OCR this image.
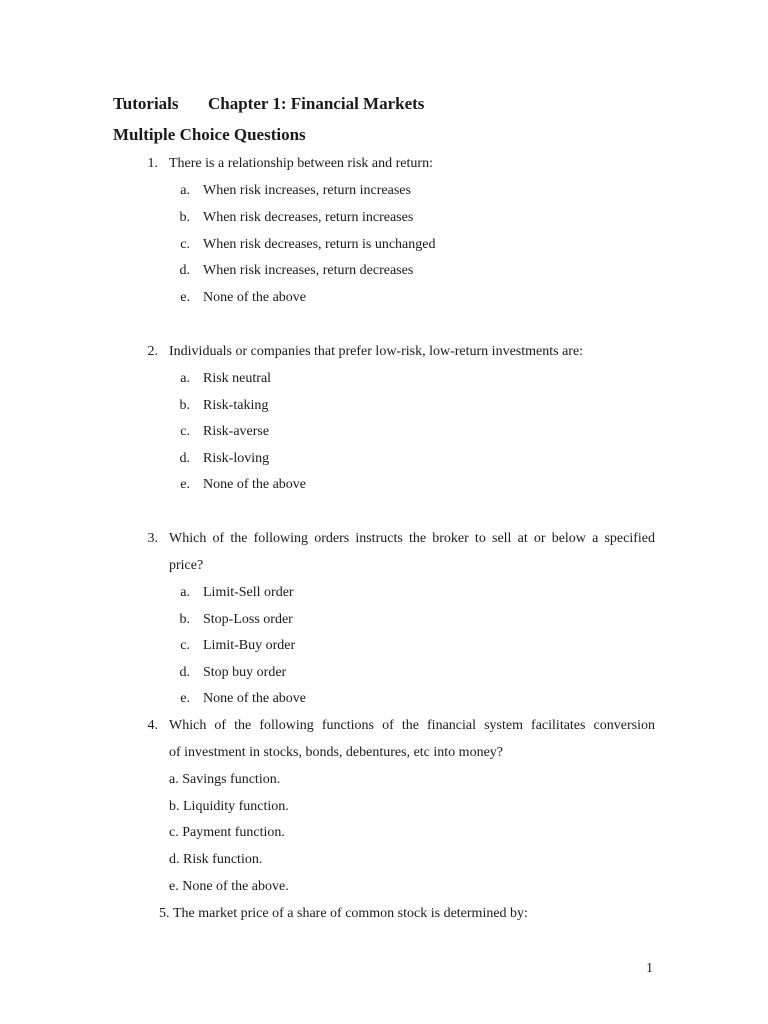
Tutorials Chapter 1: Financial Markets
Multiple Choice Questions
1. There is a relationship between risk and return:
a. When risk increases, return increases
b. When risk decreases, return increases
c. When risk decreases, return is unchanged
d. When risk increases, return decreases
e. None of the above
2. Individuals or companies that prefer low-risk, low-return investments are:
a. Risk neutral
b. Risk-taking
c. Risk-averse
d. Risk-loving
e. None of the above
3. Which of the following orders instructs the broker to sell at or below a specified
price?
a. Limit-Sell order
b. Stop-Loss order
c. Limit-Buy order
d. Stop buy order
e. None of the above
4. Which of the following functions of the financial system facilitates conversion
of investment in stocks, bonds, debentures, etc into money?
a. Savings function.
b. Liquidity function.
c. Payment function.
d. Risk function.
e. None of the above.
5. The market price of a share of common stock is determined by:
1
